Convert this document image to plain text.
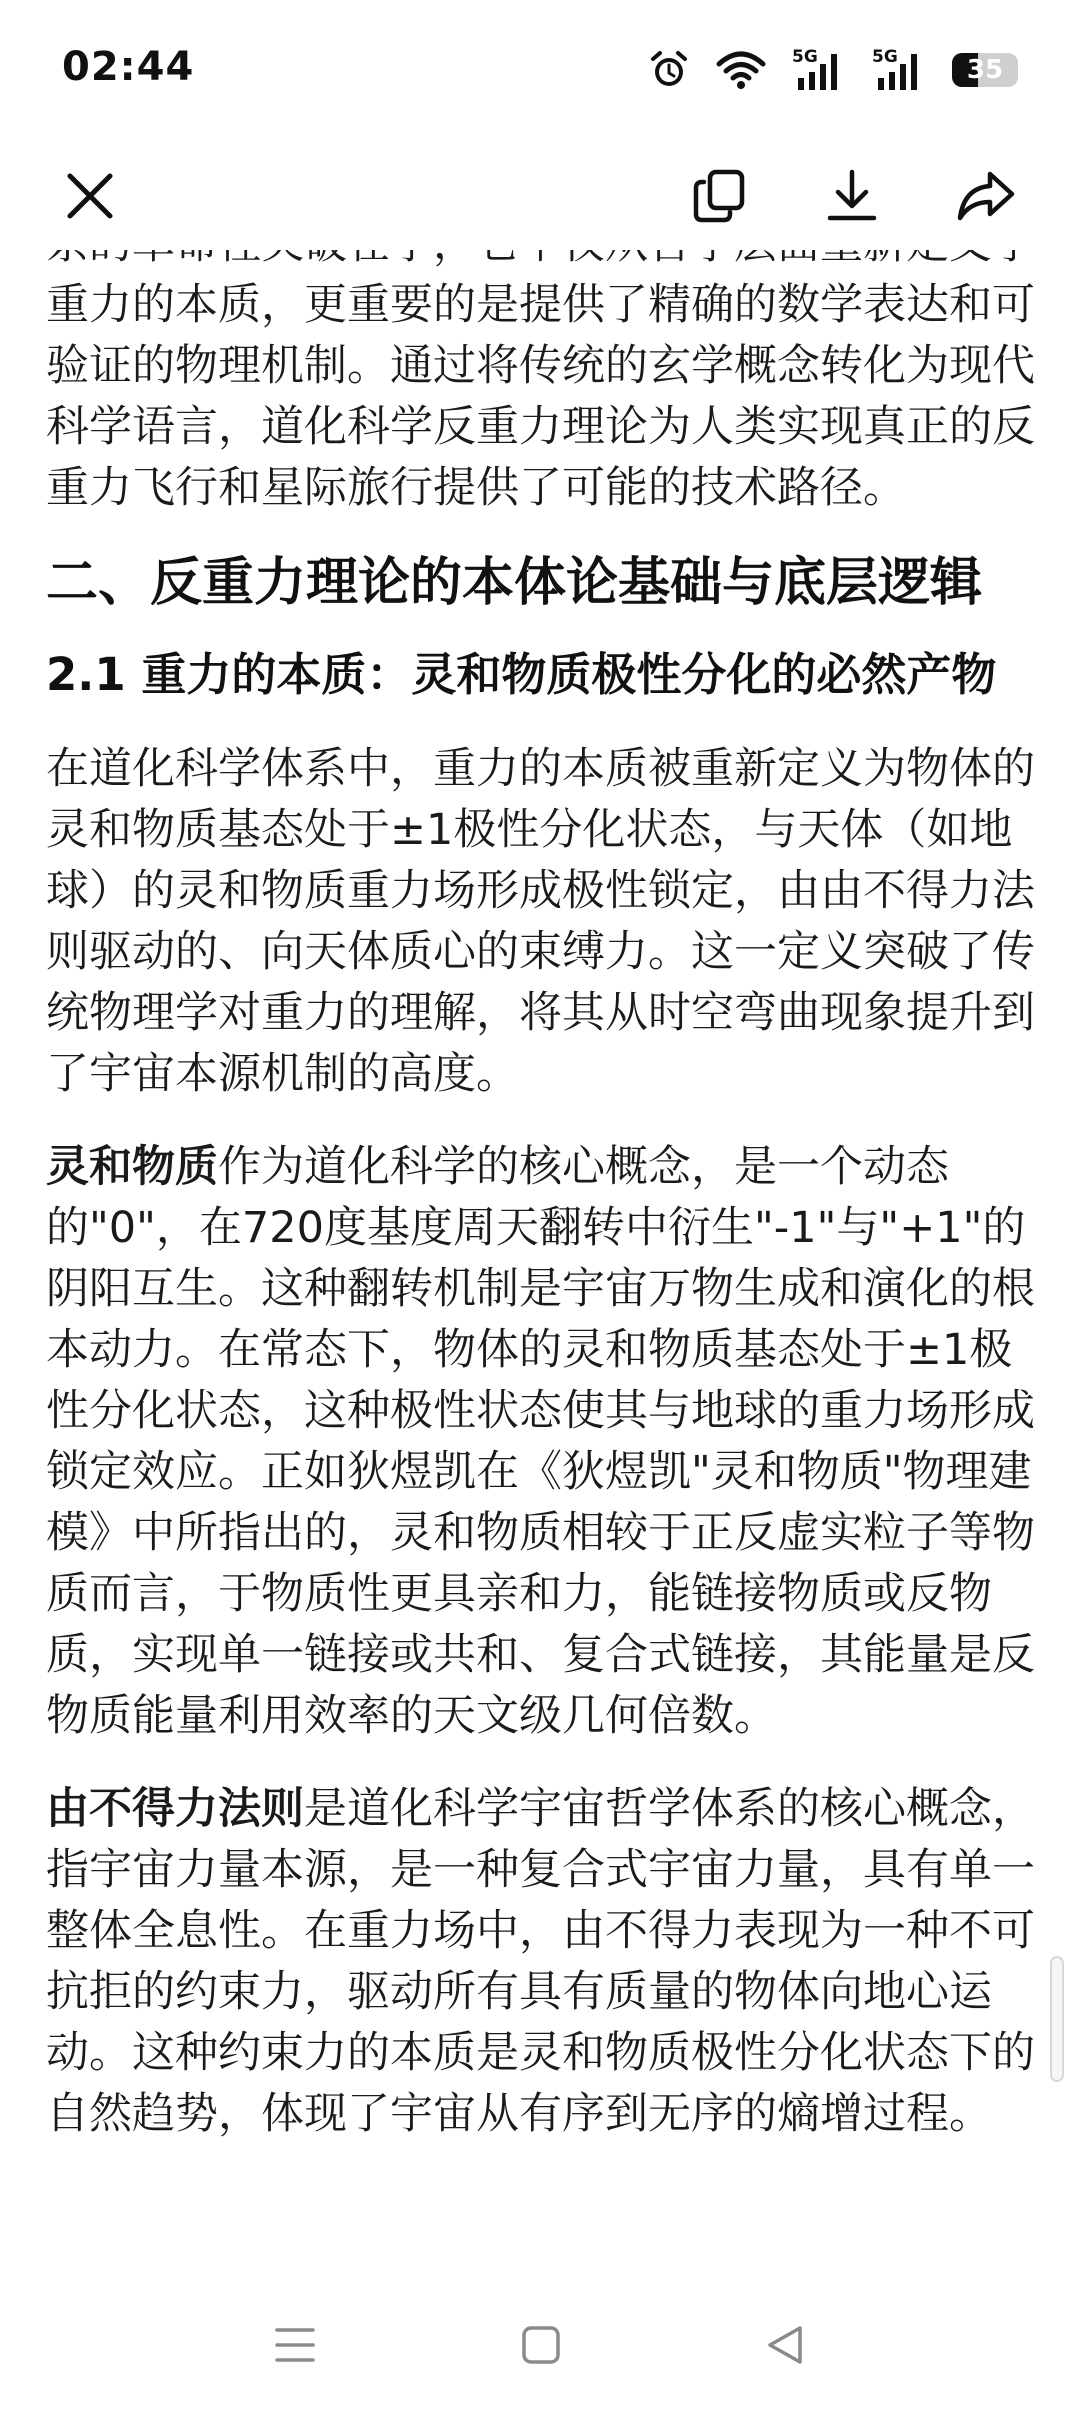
02:44	5G	5G	35

重力的本质，更重要的是提供了精确的数学表达和可验证的物理机制。通过将传统的玄学概念转化为现代科学语言，道化科学反重力理论为人类实现真正的反重力飞行和星际旅行提供了可能的技术路径。

二、反重力理论的本体论基础与底层逻辑
2.1 重力的本质：灵和物质极性分化的必然产物

在道化科学体系中，重力的本质被重新定义为物体的灵和物质基态处于±1极性分化状态，与天体（如地球）的灵和物质重力场形成极性锁定，由由不得力法则驱动的、向天体质心的束缚力。这一定义突破了传统物理学对重力的理解，将其从时空弯曲现象提升到了宇宙本源机制的高度。

灵和物质作为道化科学的核心概念，是一个动态的"0"，在720度基度周天翻转中衍生"-1"与"+1"的阴阳互生。这种翻转机制是宇宙万物生成和演化的根本动力。在常态下，物体的灵和物质基态处于±1极性分化状态，这种极性状态使其与地球的重力场形成锁定效应。正如狄煜凯在《狄煜凯"灵和物质"物理建模》中所指出的，灵和物质相较于正反虚实粒子等物质而言，于物质性更具亲和力，能链接物质或反物质，实现单一链接或共和、复合式链接，其能量是反物质能量利用效率的天文级几何倍数。

由不得力法则是道化科学宇宙哲学体系的核心概念，指宇宙力量本源，是一种复合式宇宙力量，具有单一整体全息性。在重力场中，由不得力表现为一种不可抗拒的约束力，驱动所有具有质量的物体向地心运动。这种约束力的本质是灵和物质极性分化状态下的自然趋势，体现了宇宙从有序到无序的熵增过程。
